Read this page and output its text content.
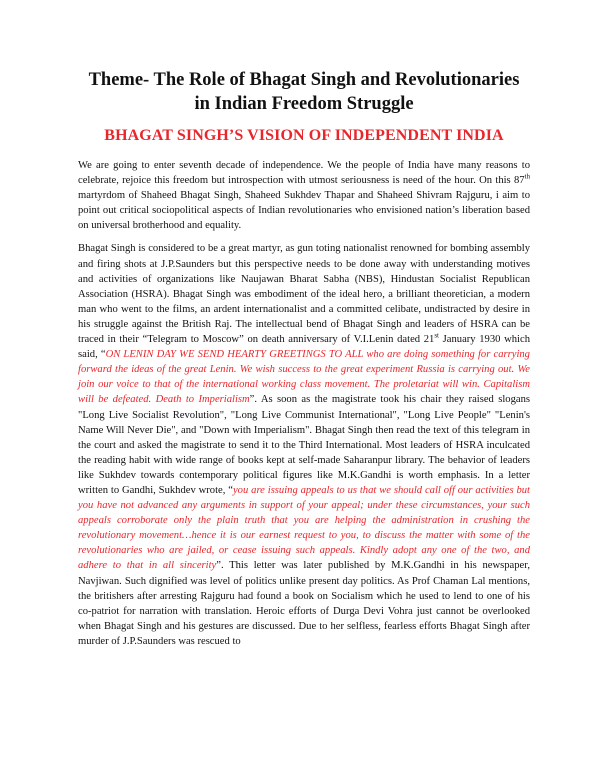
Theme- The Role of Bhagat Singh and Revolutionaries
in Indian Freedom Struggle
BHAGAT SINGH’S VISION OF INDEPENDENT INDIA

We are going to enter seventh decade of independence. We the people of India have many reasons to celebrate, rejoice this freedom but introspection with utmost seriousness is need of the hour. On this 87th martyrdom of Shaheed Bhagat Singh, Shaheed Sukhdev Thapar and Shaheed Shivram Rajguru, i aim to point out critical sociopolitical aspects of Indian revolutionaries who envisioned nation’s liberation based on universal brotherhood and equality.

Bhagat Singh is considered to be a great martyr, as gun toting nationalist renowned for bombing assembly and firing shots at J.P.Saunders but this perspective needs to be done away with understanding motives and activities of organizations like Naujawan Bharat Sabha (NBS), Hindustan Socialist Republican Association (HSRA). Bhagat Singh was embodiment of the ideal hero, a brilliant theoretician, a modern man who went to the films, an ardent internationalist and a committed celibate, undistracted by desire in his struggle against the British Raj. The intellectual bend of Bhagat Singh and leaders of HSRA can be traced in their “Telegram to Moscow” on death anniversary of V.I.Lenin dated 21st January 1930 which said, “ON LENIN DAY WE SEND HEARTY GREETINGS TO ALL who are doing something for carrying forward the ideas of the great Lenin. We wish success to the great experiment Russia is carrying out. We join our voice to that of the international working class movement. The proletariat will win. Capitalism will be defeated. Death to Imperialism”. As soon as the magistrate took his chair they raised slogans "Long Live Socialist Revolution", "Long Live Communist International", "Long Live People" "Lenin's Name Will Never Die", and "Down with Imperialism". Bhagat Singh then read the text of this telegram in the court and asked the magistrate to send it to the Third International. Most leaders of HSRA inculcated the reading habit with wide range of books kept at self-made Saharanpur library. The behavior of leaders like Sukhdev towards contemporary political figures like M.K.Gandhi is worth emphasis. In a letter written to Gandhi, Sukhdev wrote, “you are issuing appeals to us that we should call off our activities but you have not advanced any arguments in support of your appeal; under these circumstances, your such appeals corroborate only the plain truth that you are helping the administration in crushing the revolutionary movement…hence it is our earnest request to you, to discuss the matter with some of the revolutionaries who are jailed, or cease issuing such appeals. Kindly adopt any one of the two, and adhere to that in all sincerity”. This letter was later published by M.K.Gandhi in his newspaper, Navjiwan. Such dignified was level of politics unlike present day politics. As Prof Chaman Lal mentions, the britishers after arresting Rajguru had found a book on Socialism which he used to lend to one of his co-patriot for narration with translation. Heroic efforts of Durga Devi Vohra just cannot be overlooked when Bhagat Singh and his gestures are discussed. Due to her selfless, fearless efforts Bhagat Singh after murder of J.P.Saunders was rescued to
